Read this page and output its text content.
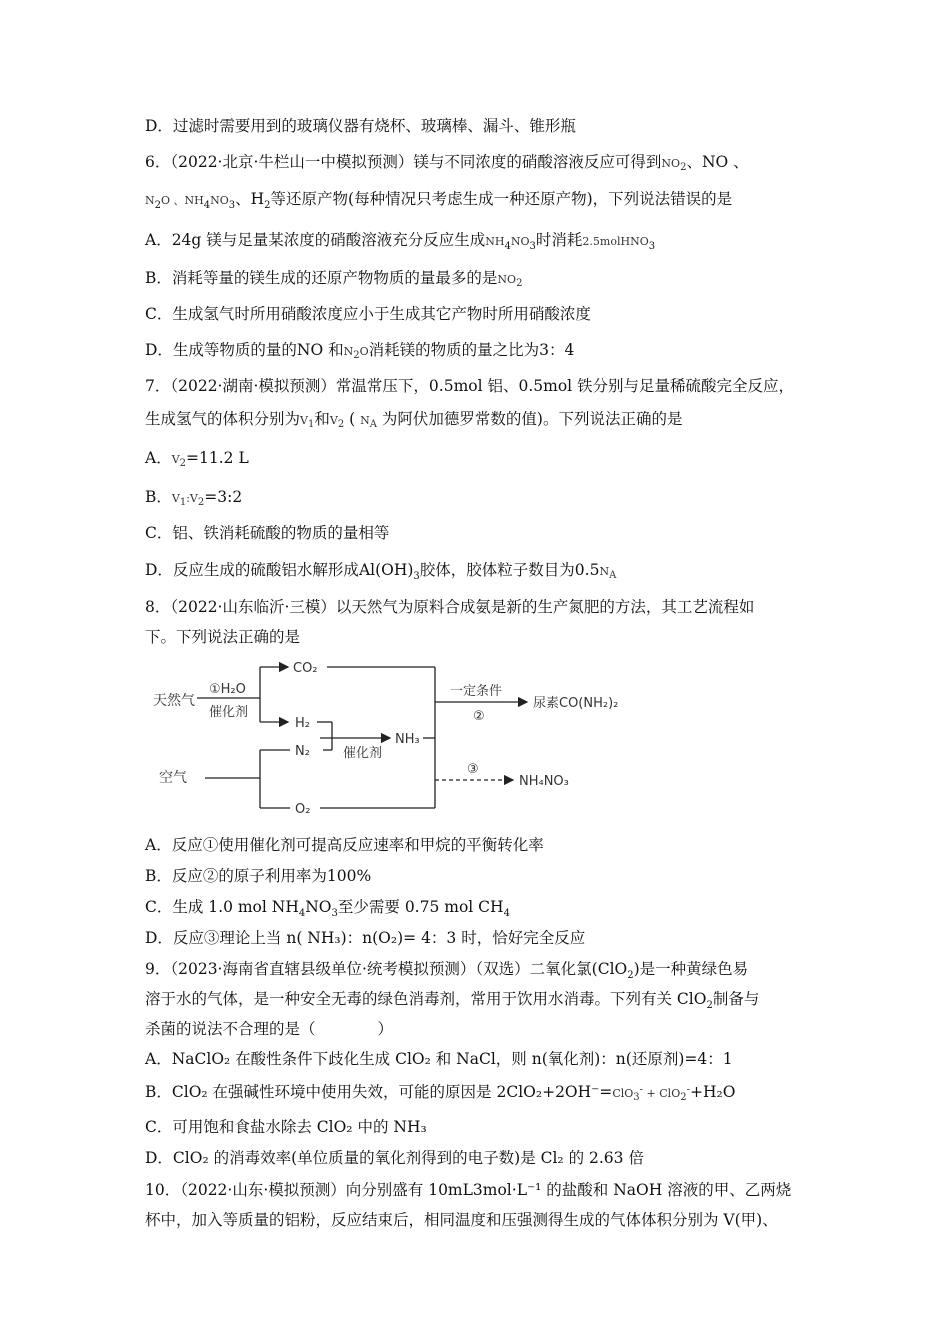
D．过滤时需要用到的玻璃仪器有烧杯、玻璃棒、漏斗、锥形瓶
6．（2022·北京·牛栏山一中模拟预测）镁与不同浓度的硝酸溶液反应可得到$NO_2$、NO 、
$N_2O$ 、$NH_4NO_3$、$H_2$等还原产物(每种情况只考虑生成一种还原产物)，下列说法错误的是
A．24g 镁与足量某浓度的硝酸溶液充分反应生成$NH_4NO_3$时消耗2.5molHNO$_3$
B．消耗等量的镁生成的还原产物物质的量最多的是$NO_2$
C．生成氢气时所用硝酸浓度应小于生成其它产物时所用硝酸浓度
D．生成等物质的量的NO 和$N_2O$消耗镁的物质的量之比为3：4
7．（2022·湖南·模拟预测）常温常压下，0.5mol 铝、0.5mol 铁分别与足量稀硫酸完全反应，
生成氢气的体积分别为$V_1$和$V_2$ ( $N_A$ 为阿伏加德罗常数的值)。下列说法正确的是
A．$V_2=11.2$ L
B．$V_1:V_2=3:2$
C．铝、铁消耗硫酸的物质的量相等
D．反应生成的硫酸铝水解形成$Al(OH)_3$胶体，胶体粒子数目为$0.5N_A$
8．（2022·山东临沂·三模）以天然气为原料合成氨是新的生产氮肥的方法，其工艺流程如
下。下列说法正确的是
天然气
①H₂O
催化剂
CO₂
H₂
N₂	催化剂
NH₃
空气
O₂
一定条件
②
尿素CO(NH₂)₂
③
NH₄NO₃
A．反应①使用催化剂可提高反应速率和甲烷的平衡转化率
B．反应②的原子利用率为100%
C．生成 1.0 mol $NH_4NO_3$至少需要 0.75 mol $CH_4$
D．反应③理论上当 n( NH₃)：n(O₂)= 4：3 时，恰好完全反应
9．（2023·海南省直辖县级单位·统考模拟预测）（双选）二氧化氯(ClO$_2$)是一种黄绿色易
溶于水的气体，是一种安全无毒的绿色消毒剂，常用于饮用水消毒。下列有关 ClO$_2$制备与
杀菌的说法不合理的是（　　　　）
A．NaClO₂ 在酸性条件下歧化生成 ClO₂ 和 NaCl，则 n(氧化剂)：n(还原剂)=4：1
B．ClO₂ 在强碱性环境中使用失效，可能的原因是 2ClO₂+2OH⁻=ClO$_3$- + ClO$_2$-+H₂O
C．可用饱和食盐水除去 ClO₂ 中的 NH₃
D．ClO₂ 的消毒效率(单位质量的氧化剂得到的电子数)是 Cl₂ 的 2.63 倍
10．（2022·山东·模拟预测）向分别盛有 10mL3mol·L⁻¹ 的盐酸和 NaOH 溶液的甲、乙两烧
杯中，加入等质量的铝粉，反应结束后，相同温度和压强测得生成的气体体积分别为 V(甲)、
